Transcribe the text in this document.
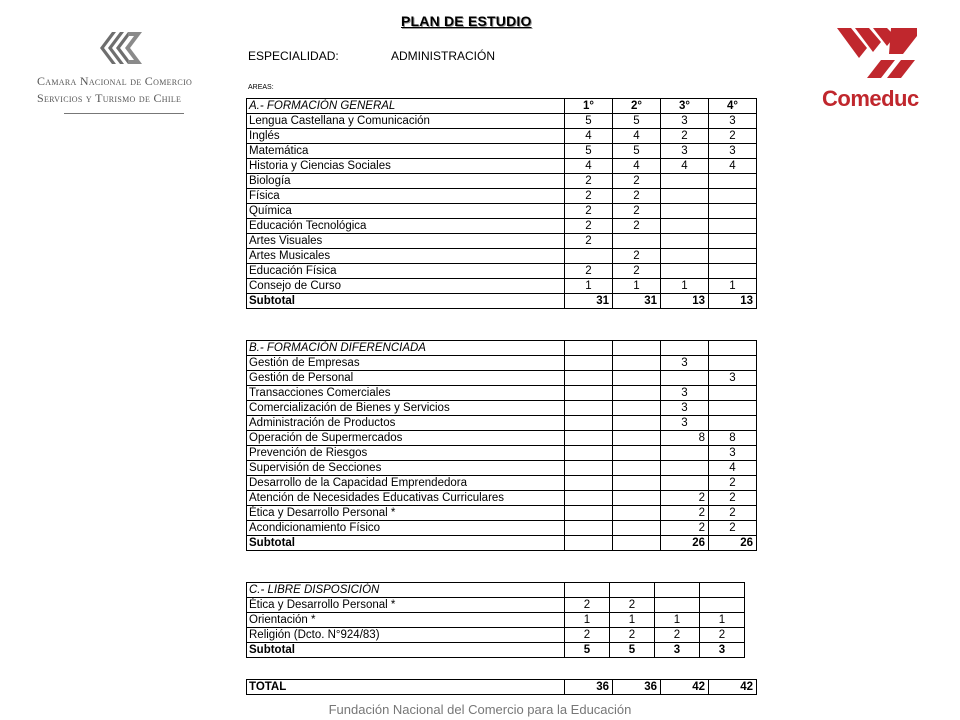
PLAN DE ESTUDIO
ESPECIALIDAD:	ADMINISTRACIÓN
AREAS:
Camara Nacional de Comercio
Servicios y Turismo de Chile	Comeduc
A.- FORMACIÓN GENERAL	1°	2°	3°	4°
Lengua Castellana y Comunicación	5	5	3	3
Inglés	4	4	2	2
Matemática	5	5	3	3
Historia y Ciencias Sociales	4	4	4	4
Biología	2	2		
Física	2	2		
Química	2	2		
Educación Tecnológica	2	2		
Artes Visuales	2			
Artes Musicales		2		
Educación Física	2	2		
Consejo de Curso	1	1	1	1
Subtotal	31	31	13	13
B.- FORMACIÓN DIFERENCIADA				
Gestión de Empresas			3	
Gestión de Personal				3
Transacciones Comerciales			3	
Comercialización de Bienes y Servicios			3	
Administración de Productos			3	
Operación de Supermercados			8	8
Prevención de Riesgos				3
Supervisión de Secciones				4
Desarrollo de la Capacidad Emprendedora				2
Atención de Necesidades Educativas Curriculares			2	2
Ética y Desarrollo Personal *			2	2
Acondicionamiento Físico			2	2
Subtotal			26	26
C.- LIBRE DISPOSICIÓN				
Ética y Desarrollo Personal *	2	2		
Orientación *	1	1	1	1
Religión (Dcto. N°924/83)	2	2	2	2
Subtotal	5	5	3	3
TOTAL	36	36	42	42
Fundación Nacional del Comercio para la Educación
